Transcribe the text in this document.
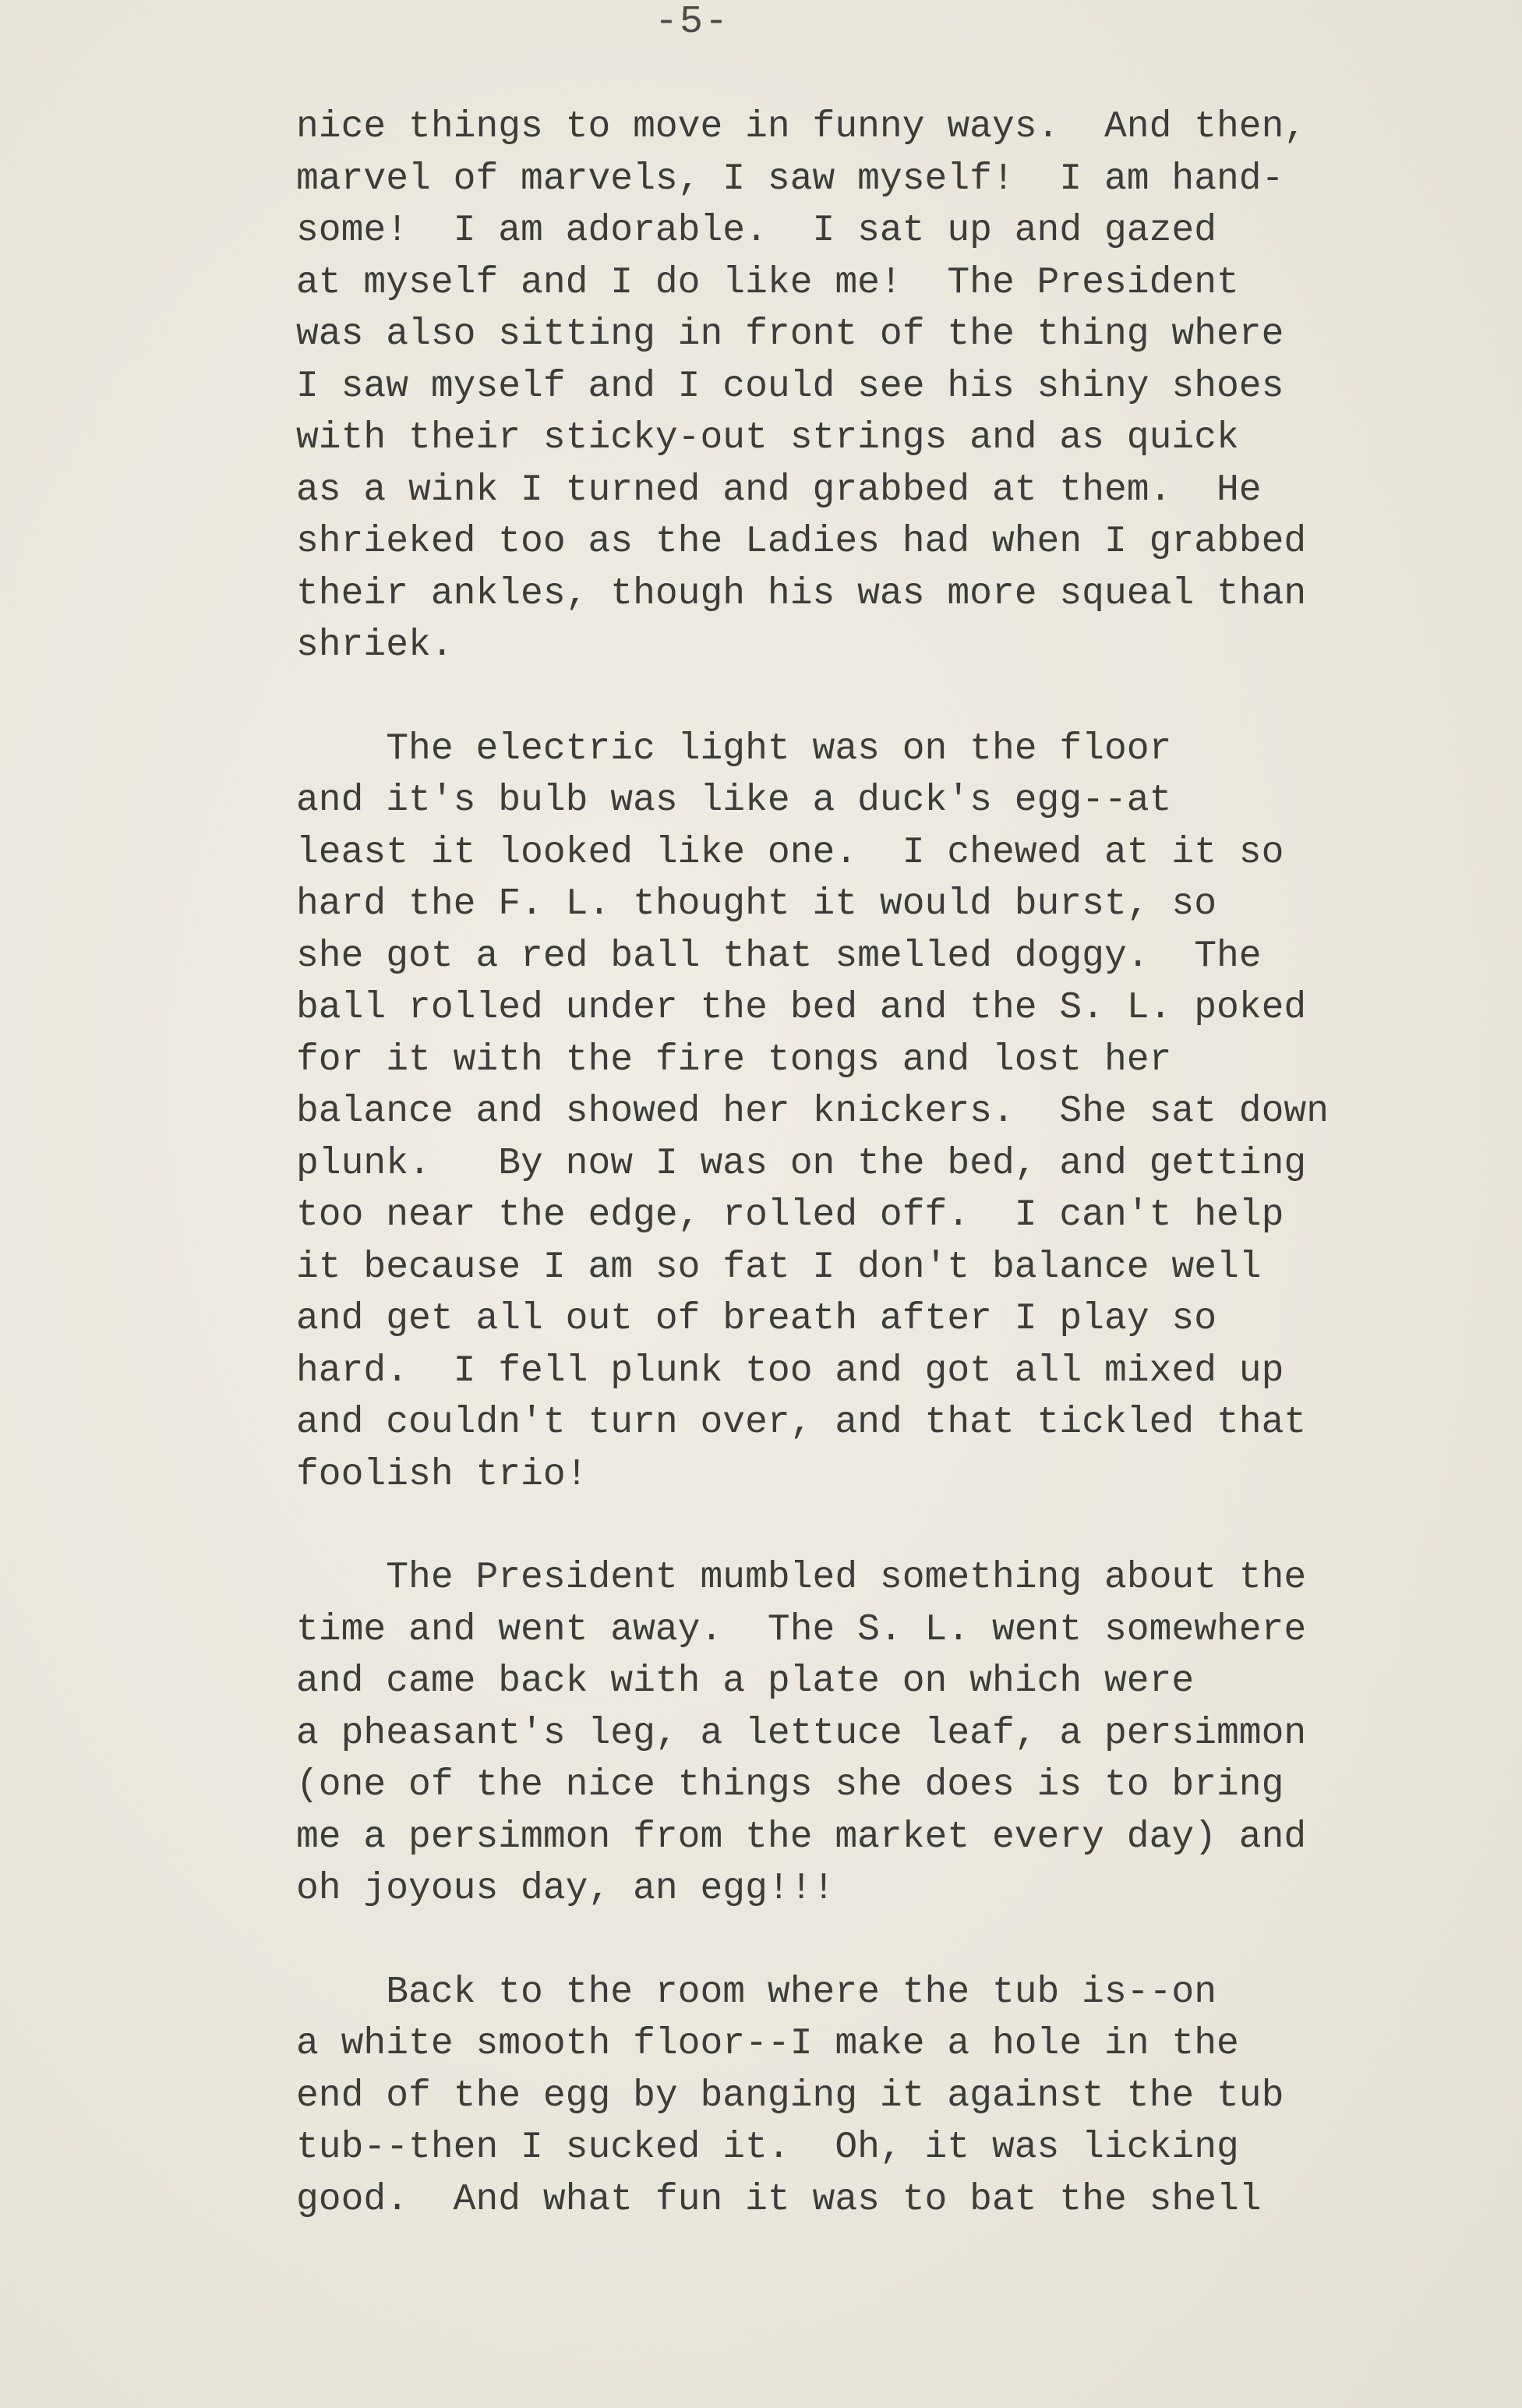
-5-
nice things to move in funny ways.  And then,
marvel of marvels, I saw myself!  I am hand-
some!  I am adorable.  I sat up and gazed
at myself and I do like me!  The President
was also sitting in front of the thing where
I saw myself and I could see his shiny shoes
with their sticky-out strings and as quick
as a wink I turned and grabbed at them.  He
shrieked too as the Ladies had when I grabbed
their ankles, though his was more squeal than
shriek.
The electric light was on the floor
and it's bulb was like a duck's egg--at
least it looked like one.  I chewed at it so
hard the F. L. thought it would burst, so
she got a red ball that smelled doggy.  The
ball rolled under the bed and the S. L. poked
for it with the fire tongs and lost her
balance and showed her knickers.  She sat down
plunk.   By now I was on the bed, and getting
too near the edge, rolled off.  I can't help
it because I am so fat I don't balance well
and get all out of breath after I play so
hard.  I fell plunk too and got all mixed up
and couldn't turn over, and that tickled that
foolish trio!
The President mumbled something about the
time and went away.  The S. L. went somewhere
and came back with a plate on which were
a pheasant's leg, a lettuce leaf, a persimmon
(one of the nice things she does is to bring
me a persimmon from the market every day) and
oh joyous day, an egg!!!
Back to the room where the tub is--on
a white smooth floor--I make a hole in the
end of the egg by banging it against the tub
tub--then I sucked it.  Oh, it was licking
good.  And what fun it was to bat the shell
